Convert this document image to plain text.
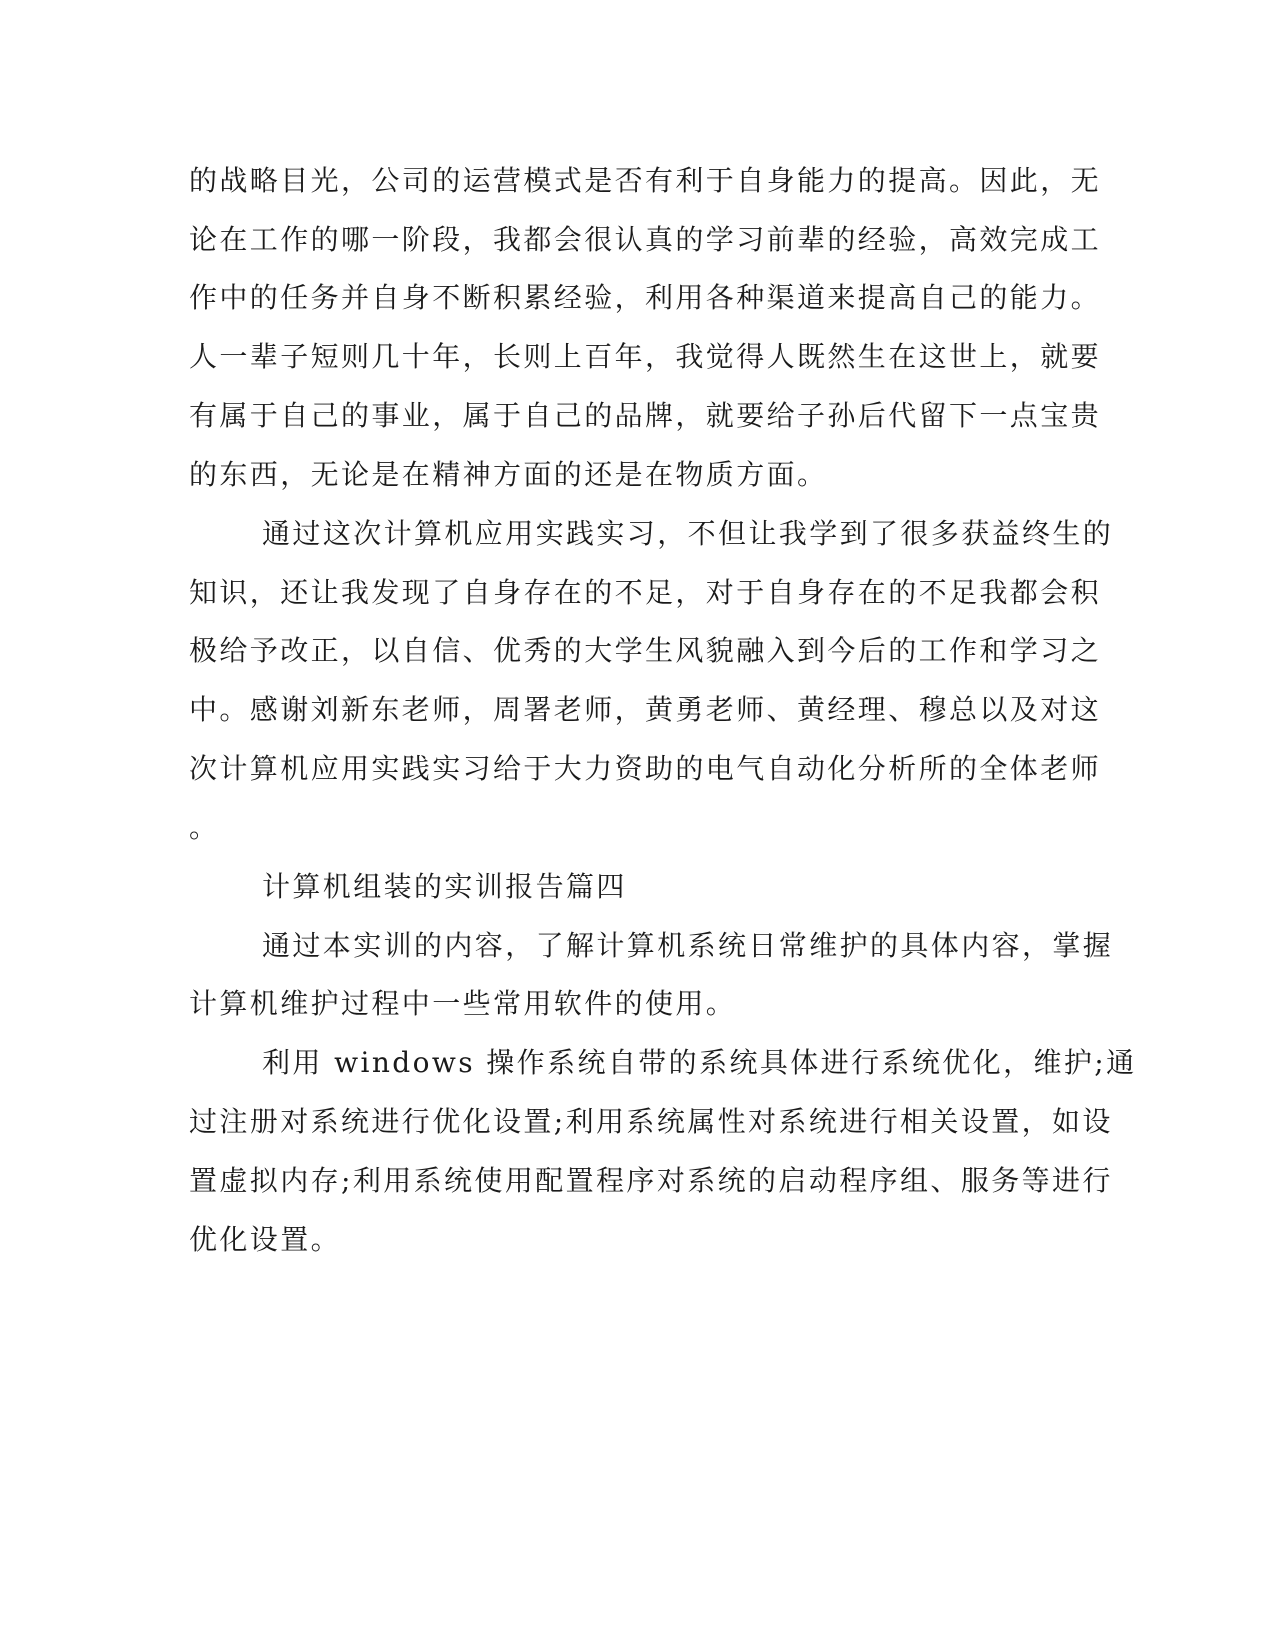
的战略目光，公司的运营模式是否有利于自身能力的提高。因此，无
论在工作的哪一阶段，我都会很认真的学习前辈的经验，高效完成工
作中的任务并自身不断积累经验，利用各种渠道来提高自己的能力。
人一辈子短则几十年，长则上百年，我觉得人既然生在这世上，就要
有属于自己的事业，属于自己的品牌，就要给子孙后代留下一点宝贵
的东西，无论是在精神方面的还是在物质方面。
通过这次计算机应用实践实习，不但让我学到了很多获益终生的
知识，还让我发现了自身存在的不足，对于自身存在的不足我都会积
极给予改正，以自信、优秀的大学生风貌融入到今后的工作和学习之
中。感谢刘新东老师，周署老师，黄勇老师、黄经理、穆总以及对这
次计算机应用实践实习给于大力资助的电气自动化分析所的全体老师
。
计算机组装的实训报告篇四
通过本实训的内容，了解计算机系统日常维护的具体内容，掌握
计算机维护过程中一些常用软件的使用。
利用 windows 操作系统自带的系统具体进行系统优化，维护;通
过注册对系统进行优化设置;利用系统属性对系统进行相关设置，如设
置虚拟内存;利用系统使用配置程序对系统的启动程序组、服务等进行
优化设置。
